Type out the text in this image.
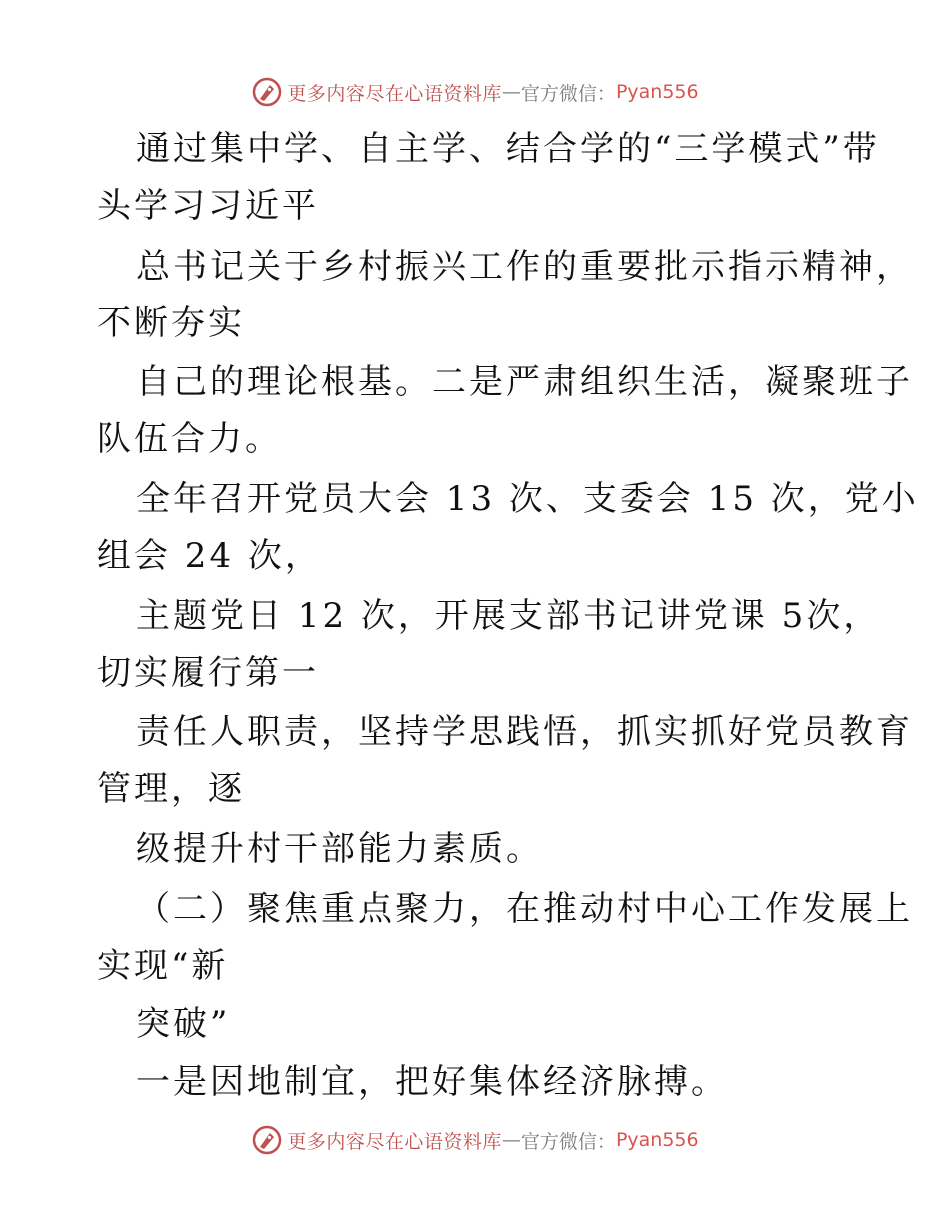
更多内容尽在心语资料库 — 官方微信： Pyan556
通过集中学、自主学、结合学的“三学模式”带
头学习习近平
总书记关于乡村振兴工作的重要批示指示精神，
不断夯实
自己的理论根基。二是严肃组织生活，凝聚班子
队伍合力。
全年召开党员大会 13 次、支委会 15 次，党小
组会 24 次，
主题党日 12 次，开展支部书记讲党课 5次，
切实履行第一
责任人职责，坚持学思践悟，抓实抓好党员教育
管理，逐
级提升村干部能力素质。
（二）聚焦重点聚力，在推动村中心工作发展上
实现“新
突破”
一是因地制宜，把好集体经济脉搏。
更多内容尽在心语资料库 — 官方微信： Pyan556
